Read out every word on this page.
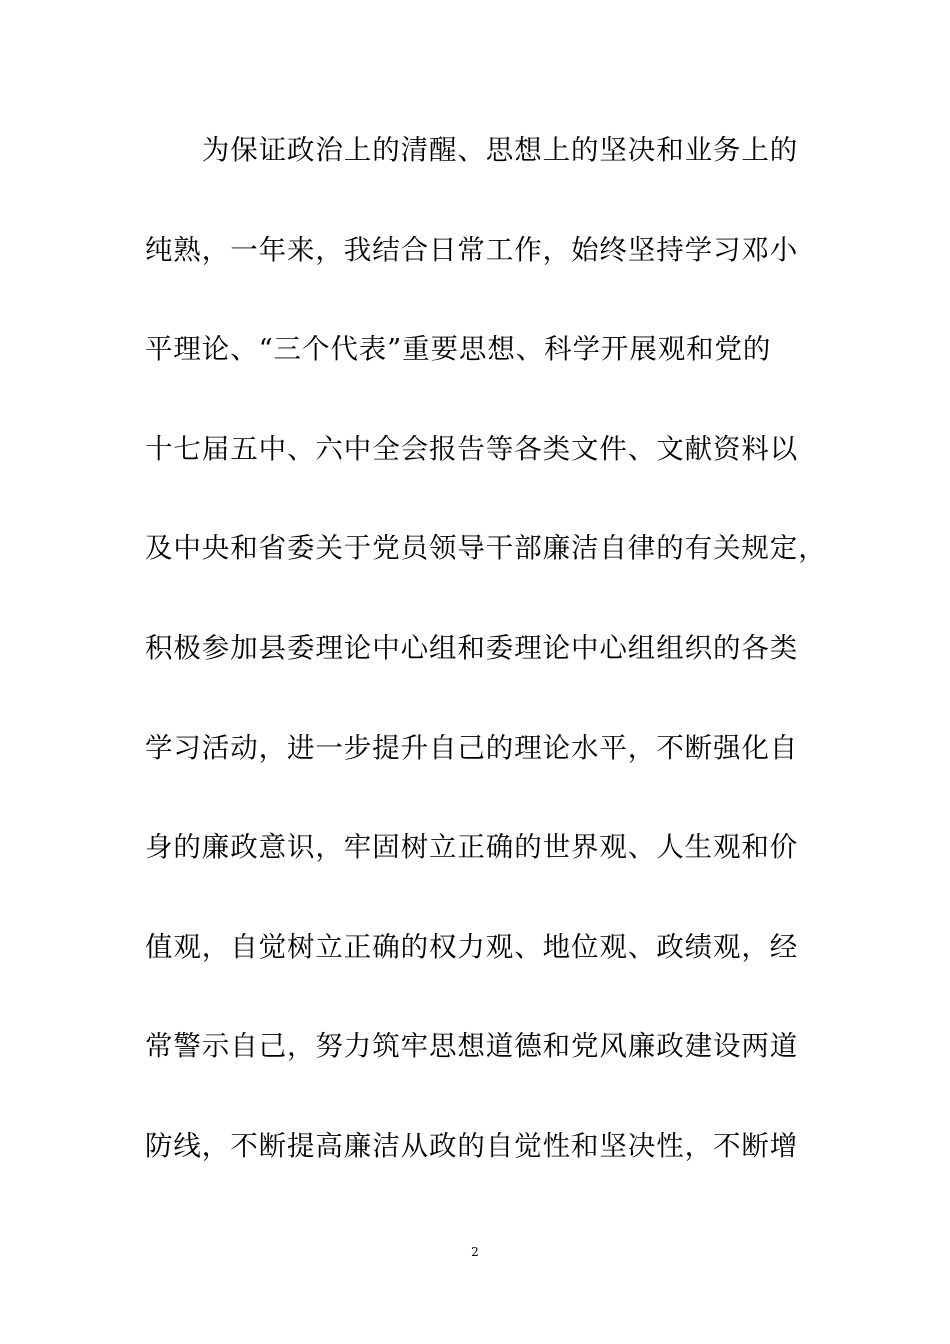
　　为保证政治上的清醒、思想上的坚决和业务上的
纯熟，一年来，我结合日常工作，始终坚持学习邓小
平理论、“三个代表”重要思想、科学开展观和党的
十七届五中、六中全会报告等各类文件、文献资料以
及中央和省委关于党员领导干部廉洁自律的有关规定，
积极参加县委理论中心组和委理论中心组组织的各类
学习活动，进一步提升自己的理论水平，不断强化自
身的廉政意识，牢固树立正确的世界观、人生观和价
值观，自觉树立正确的权力观、地位观、政绩观，经
常警示自己，努力筑牢思想道德和党风廉政建设两道
防线，不断提高廉洁从政的自觉性和坚决性，不断增
2
